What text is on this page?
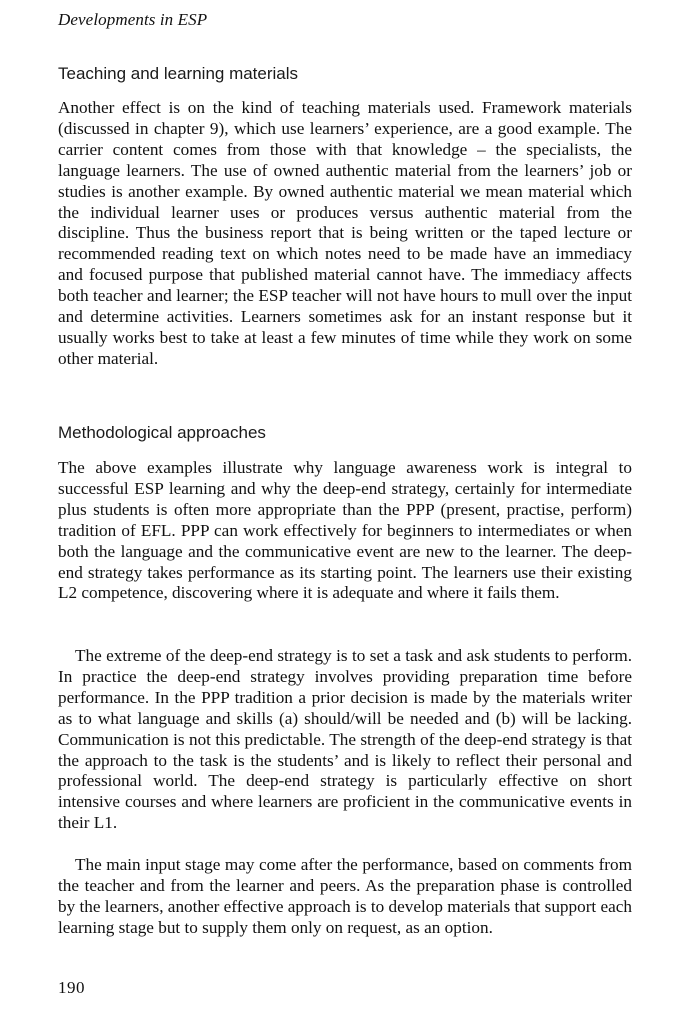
Developments in ESP
Teaching and learning materials

Another effect is on the kind of teaching materials used. Framework materials (discussed in chapter 9), which use learners’ experience, are a good example. The carrier content comes from those with that knowledge – the specialists, the language learners. The use of owned authentic material from the learners’ job or studies is another example. By owned authentic material we mean material which the individual learner uses or produces versus authentic material from the discipline. Thus the business report that is being written or the taped lecture or recommended reading text on which notes need to be made have an immediacy and focused purpose that published material cannot have. The immediacy affects both teacher and learner; the ESP teacher will not have hours to mull over the input and determine activities. Learners sometimes ask for an instant response but it usually works best to take at least a few minutes of time while they work on some other material.

Methodological approaches

The above examples illustrate why language awareness work is integral to successful ESP learning and why the deep-end strategy, certainly for intermediate plus students is often more appropriate than the PPP (present, practise, perform) tradition of EFL. PPP can work effectively for beginners to intermediates or when both the language and the communicative event are new to the learner. The deep-end strategy takes performance as its starting point. The learners use their existing L2 competence, discovering where it is adequate and where it fails them.

The extreme of the deep-end strategy is to set a task and ask students to perform. In practice the deep-end strategy involves providing preparation time before performance. In the PPP tradition a prior decision is made by the materials writer as to what language and skills (a) should/will be needed and (b) will be lacking. Communication is not this predictable. The strength of the deep-end strategy is that the approach to the task is the students’ and is likely to reflect their personal and professional world. The deep-end strategy is particularly effective on short intensive courses and where learners are proficient in the communicative events in their L1.

The main input stage may come after the performance, based on comments from the teacher and from the learner and peers. As the preparation phase is controlled by the learners, another effective approach is to develop materials that support each learning stage but to supply them only on request, as an option.

190
